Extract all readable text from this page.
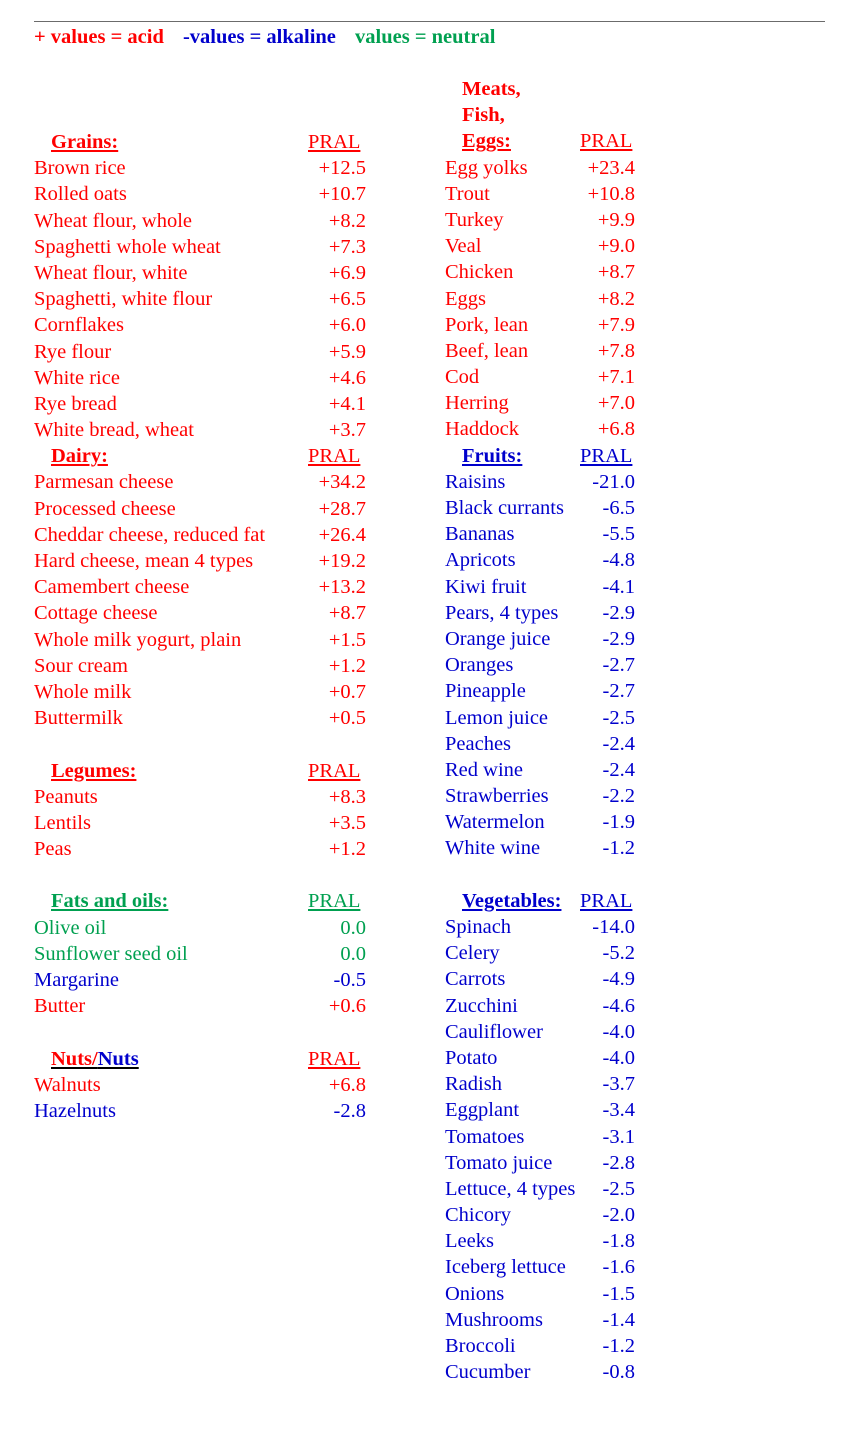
+ values = acid -values = alkaline values = neutral
Grains:	PRAL
Brown rice	+12.5
Rolled oats	+10.7
Wheat flour, whole	+8.2
Spaghetti whole wheat	+7.3
Wheat flour, white	+6.9
Spaghetti, white flour	+6.5
Cornflakes	+6.0
Rye flour	+5.9
White rice	+4.6
Rye bread	+4.1
White bread, wheat	+3.7
Dairy:	PRAL
Parmesan cheese	+34.2
Processed cheese	+28.7
Cheddar cheese, reduced fat	+26.4
Hard cheese, mean 4 types	+19.2
Camembert cheese	+13.2
Cottage cheese	+8.7
Whole milk yogurt, plain	+1.5
Sour cream	+1.2
Whole milk	+0.7
Buttermilk	+0.5
Legumes:	PRAL
Peanuts	+8.3
Lentils	+3.5
Peas	+1.2
Fats and oils:	PRAL
Olive oil	0.0
Sunflower seed oil	0.0
Margarine	-0.5
Butter	+0.6
Nuts/Nuts	PRAL
Walnuts	+6.8
Hazelnuts	-2.8
Meats,
Fish,
Eggs:	PRAL
Egg yolks	+23.4
Trout	+10.8
Turkey	+9.9
Veal	+9.0
Chicken	+8.7
Eggs	+8.2
Pork, lean	+7.9
Beef, lean	+7.8
Cod	+7.1
Herring	+7.0
Haddock	+6.8
Fruits:	PRAL
Raisins	-21.0
Black currants	-6.5
Bananas	-5.5
Apricots	-4.8
Kiwi fruit	-4.1
Pears, 4 types	-2.9
Orange juice	-2.9
Oranges	-2.7
Pineapple	-2.7
Lemon juice	-2.5
Peaches	-2.4
Red wine	-2.4
Strawberries	-2.2
Watermelon	-1.9
White wine	-1.2
Vegetables: PRAL
Spinach	-14.0
Celery	-5.2
Carrots	-4.9
Zucchini	-4.6
Cauliflower	-4.0
Potato	-4.0
Radish	-3.7
Eggplant	-3.4
Tomatoes	-3.1
Tomato juice	-2.8
Lettuce, 4 types	-2.5
Chicory	-2.0
Leeks	-1.8
Iceberg lettuce	-1.6
Onions	-1.5
Mushrooms	-1.4
Broccoli	-1.2
Cucumber	-0.8
